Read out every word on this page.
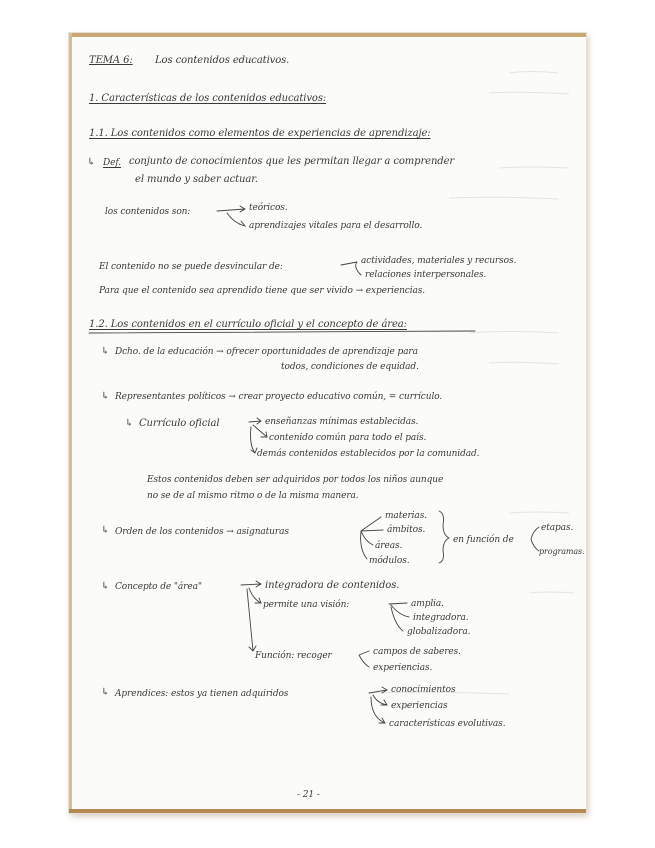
TEMA 6: Los contenidos educativos.
1. Características de los contenidos educativos:
1.1. Los contenidos como elementos de experiencias de aprendizaje:
↳ Def. conjunto de conocimientos que les permitan llegar a comprender
el mundo y saber actuar.
los contenidos son:	teóricos.
aprendizajes vitales para el desarrollo.
El contenido no se puede desvincular de:
actividades, materiales y recursos.
relaciones interpersonales.
Para que el contenido sea aprendido tiene que ser vivido → experiencias.
1.2. Los contenidos en el currículo oficial y el concepto de área:
↳ Dcho. de la educación → ofrecer oportunidades de aprendizaje para
todos, condiciones de equidad.
↳ Representantes políticos → crear proyecto educativo común, = currículo.
↳ Currículo oficial	enseñanzas mínimas establecidas.
contenido común para todo el país.
demás contenidos establecidos por la comunidad.
Estos contenidos deben ser adquiridos por todos los niños aunque
no se de al mismo ritmo o de la misma manera.
↳ Orden de los contenidos → asignaturas
materias.
ámbitos.
áreas.
módulos.
en función de
etapas.
programas.
↳ Concepto de "área"	integradora de contenidos.
permite una visión:	amplia.
integradora.
globalizadora.
Función: recoger	campos de saberes.
experiencias.
↳ Aprendices: estos ya tienen adquiridos	conocimientos
experiencias
características evolutivas.
- 21 -
